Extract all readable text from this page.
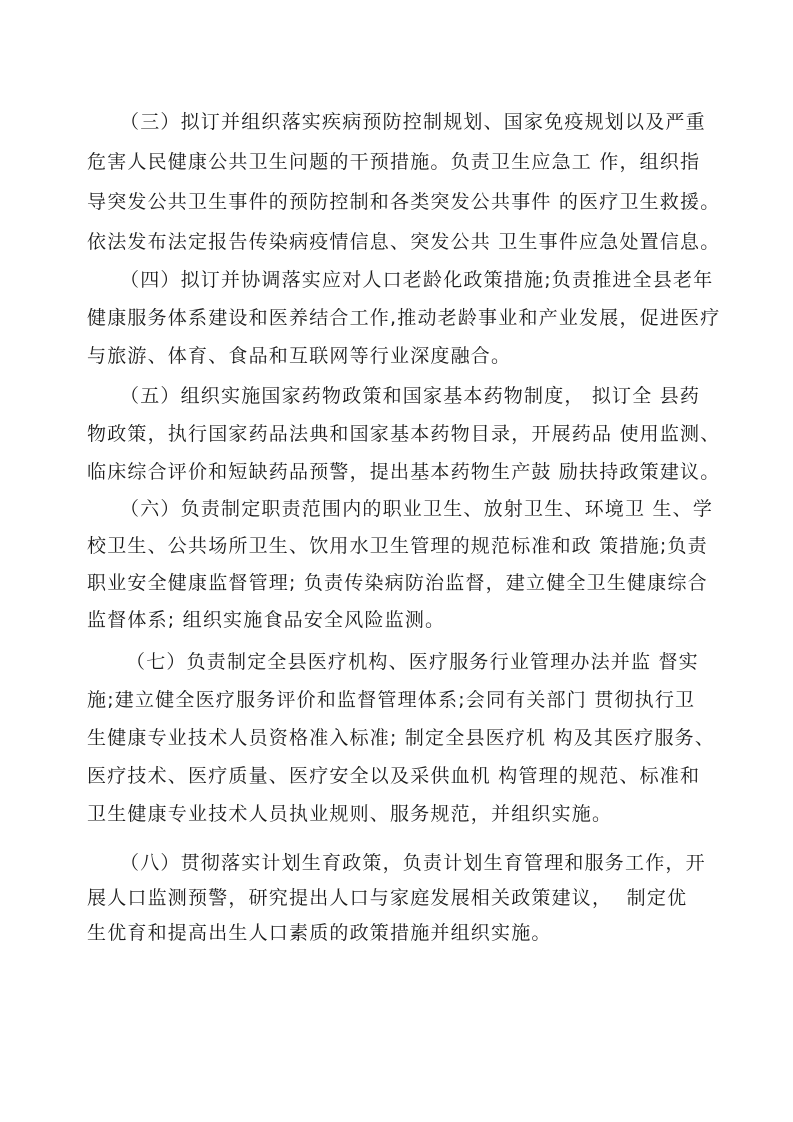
（三）拟订并组织落实疾病预防控制规划、国家免疫规划以及严重
危害人民健康公共卫生问题的干预措施。负责卫生应急工 作，组织指
导突发公共卫生事件的预防控制和各类突发公共事件 的医疗卫生救援。
依法发布法定报告传染病疫情信息、突发公共 卫生事件应急处置信息。
（四）拟订并协调落实应对人口老龄化政策措施;负责推进全县老年
健康服务体系建设和医养结合工作,推动老龄事业和产业发展，促进医疗
与旅游、体育、食品和互联网等行业深度融合。
（五）组织实施国家药物政策和国家基本药物制度， 拟订全 县药
物政策，执行国家药品法典和国家基本药物目录，开展药品 使用监测、
临床综合评价和短缺药品预警，提出基本药物生产鼓 励扶持政策建议。
（六）负责制定职责范围内的职业卫生、放射卫生、环境卫 生、学
校卫生、公共场所卫生、饮用水卫生管理的规范标准和政 策措施;负责
职业安全健康监督管理; 负责传染病防治监督，建立健全卫生健康综合
监督体系; 组织实施食品安全风险监测。
（七）负责制定全县医疗机构、医疗服务行业管理办法并监 督实
施;建立健全医疗服务评价和监督管理体系;会同有关部门 贯彻执行卫
生健康专业技术人员资格准入标准; 制定全县医疗机 构及其医疗服务、
医疗技术、医疗质量、医疗安全以及采供血机 构管理的规范、标准和
卫生健康专业技术人员执业规则、服务规范，并组织实施。
（八）贯彻落实计划生育政策，负责计划生育管理和服务工作，开
展人口监测预警，研究提出人口与家庭发展相关政策建议，  制定优
生优育和提高出生人口素质的政策措施并组织实施。
